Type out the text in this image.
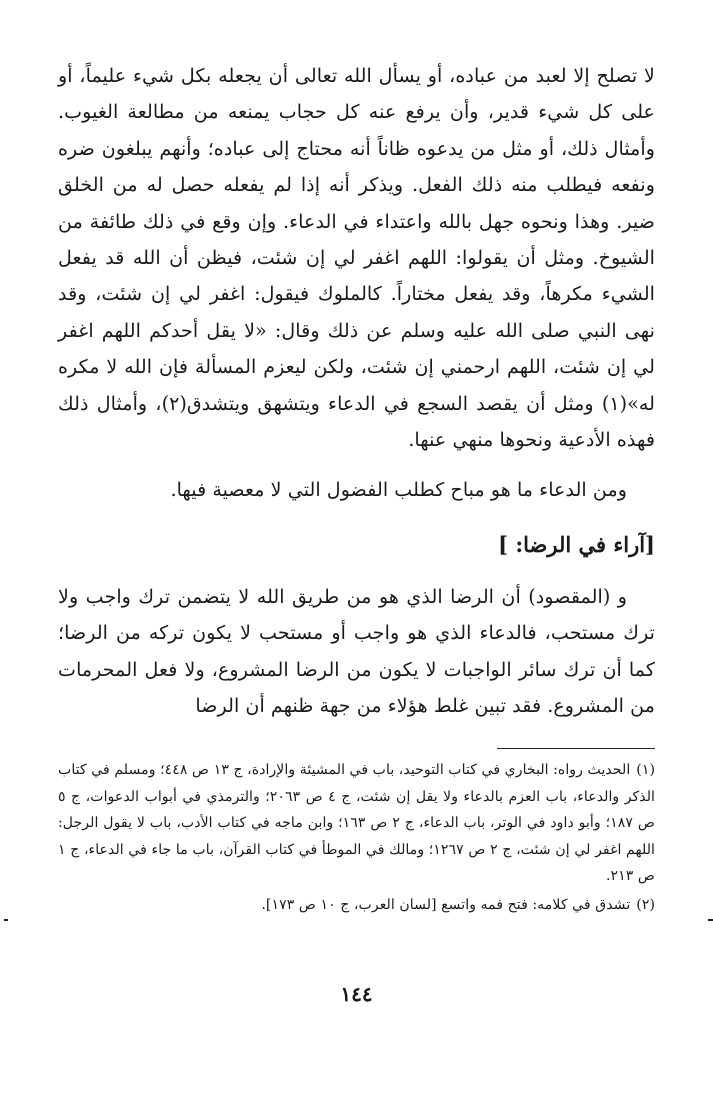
لا تصلح إلا لعبد من عباده، أو يسأل الله تعالى أن يجعله بكل شيء عليماً، أو على كل شيء قدير، وأن يرفع عنه كل حجاب يمنعه من مطالعة الغيوب. وأمثال ذلك، أو مثل من يدعوه ظاناً أنه محتاج إلى عباده؛ وأنهم يبلغون ضره ونفعه فيطلب منه ذلك الفعل. ويذكر أنه إذا لم يفعله حصل له من الخلق ضير. وهذا ونحوه جهل بالله واعتداء في الدعاء. وإن وقع في ذلك طائفة من الشيوخ. ومثل أن يقولوا: اللهم اغفر لي إن شئت، فيظن أن الله قد يفعل الشيء مكرهاً، وقد يفعل مختاراً. كالملوك فيقول: اغفر لي إن شئت، وقد نهى النبي صلى الله عليه وسلم عن ذلك وقال: «لا يقل أحدكم اللهم اغفر لي إن شئت، اللهم ارحمني إن شئت، ولكن ليعزم المسألة فإن الله لا مكره له»(١) ومثل أن يقصد السجع في الدعاء ويتشهق ويتشدق(٢)، وأمثال ذلك فهذه الأدعية ونحوها منهي عنها.

ومن الدعاء ما هو مباح كطلب الفضول التي لا معصية فيها.

[آراء في الرضا: ]

و (المقصود) أن الرضا الذي هو من طريق الله لا يتضمن ترك واجب ولا ترك مستحب، فالدعاء الذي هو واجب أو مستحب لا يكون تركه من الرضا؛ كما أن ترك سائر الواجبات لا يكون من الرضا المشروع، ولا فعل المحرمات من المشروع. فقد تبين غلط هؤلاء من جهة ظنهم أن الرضا

(١)الحديث رواه: البخاري في كتاب التوحيد، باب في المشيئة والإرادة، ج ١٣ ص ٤٤٨؛ ومسلم في كتاب الذكر والدعاء، باب العزم بالدعاء ولا يقل إن شئت، ج ٤ ص ٢٠٦٣؛ والترمذي في أبواب الدعوات، ج ٥ ص ١٨٧؛ وأبو داود في الوتر، باب الدعاء، ج ٢ ص ١٦٣؛ وابن ماجه في كتاب الأدب، باب لا يقول الرجل: اللهم اغفر لي إن شئت، ج ٢ ص ١٢٦٧؛ ومالك في الموطأ في كتاب القرآن، باب ما جاء في الدعاء، ج ١ ص ٢١٣.

(٢)تشدق في كلامه: فتح فمه واتسع [لسان العرب، ج ١٠ ص ١٧٣].

١٤٤
